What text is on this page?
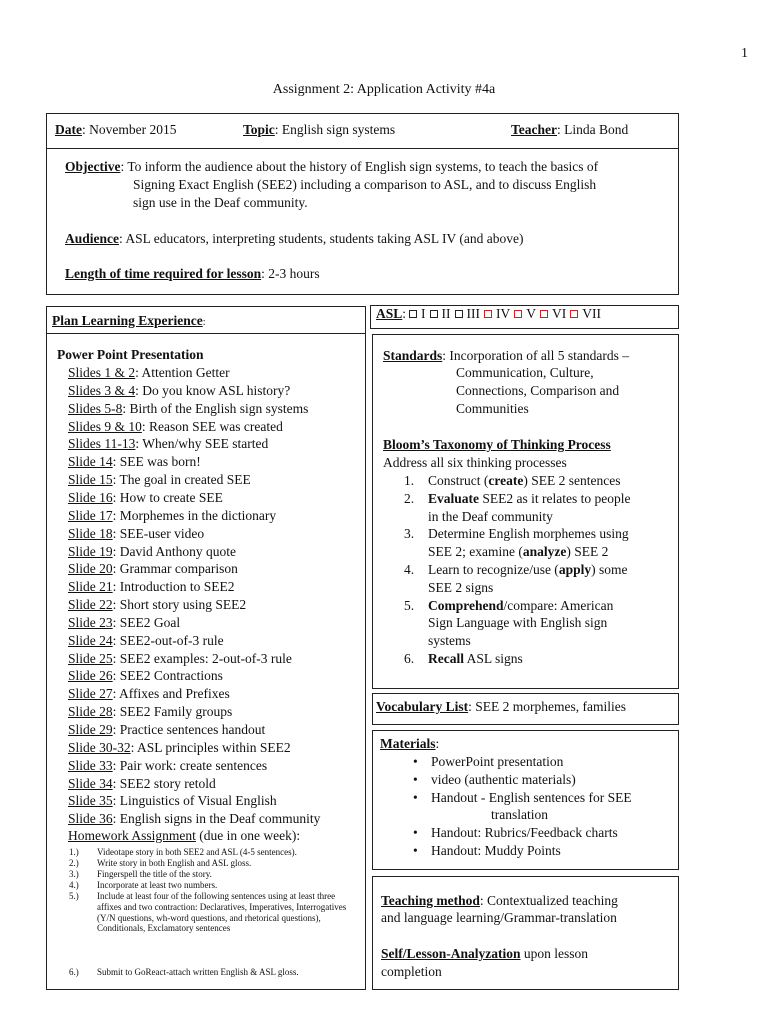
1
Assignment 2: Application Activity #4a
Date: November 2015	Topic: English sign systems	Teacher: Linda Bond
Objective: To inform the audience about the history of English sign systems, to teach the basics of
Signing Exact English (SEE2) including a comparison to ASL, and to discuss English
sign use in the Deaf community.
Audience: ASL educators, interpreting students, students taking ASL IV (and above)
Length of time required for lesson: 2-3 hours
Plan Learning Experience:
Power Point Presentation
Slides 1 & 2: Attention Getter
Slides 3 & 4: Do you know ASL history?
Slides 5-8: Birth of the English sign systems
Slides 9 & 10: Reason SEE was created
Slides 11-13: When/why SEE started
Slide 14: SEE was born!
Slide 15: The goal in created SEE
Slide 16: How to create SEE
Slide 17: Morphemes in the dictionary
Slide 18: SEE-user video
Slide 19: David Anthony quote
Slide 20: Grammar comparison
Slide 21: Introduction to SEE2
Slide 22: Short story using SEE2
Slide 23: SEE2 Goal
Slide 24: SEE2-out-of-3 rule
Slide 25: SEE2 examples: 2-out-of-3 rule
Slide 26: SEE2 Contractions
Slide 27: Affixes and Prefixes
Slide 28: SEE2 Family groups
Slide 29: Practice sentences handout
Slide 30-32: ASL principles within SEE2
Slide 33: Pair work: create sentences
Slide 34: SEE2 story retold
Slide 35: Linguistics of Visual English
Slide 36: English signs in the Deaf community
Homework Assignment (due in one week):
1.) Videotape story in both SEE2 and ASL (4-5 sentences).
2.) Write story in both English and ASL gloss.
3.) Fingerspell the title of the story.
4.) Incorporate at least two numbers.
5.) Include at least four of the following sentences using at least three affixes and two contraction: Declaratives, Imperatives, Interrogatives (Y/N questions, wh-word questions, and rhetorical questions), Conditionals, Exclamatory sentences
6.) Submit to GoReact-attach written English & ASL gloss.
ASL: I II III IV V VI VII
Standards: Incorporation of all 5 standards –
Communication, Culture,
Connections, Comparison and
Communities
Bloom’s Taxonomy of Thinking Process
Address all six thinking processes
1. Construct (create) SEE 2 sentences
2. Evaluate SEE2 as it relates to people
in the Deaf community
3. Determine English morphemes using
SEE 2; examine (analyze) SEE 2
4. Learn to recognize/use (apply) some
SEE 2 signs
5. Comprehend/compare: American
Sign Language with English sign
systems
6. Recall ASL signs
Vocabulary List: SEE 2 morphemes, families
Materials:
• PowerPoint presentation
• video (authentic materials)
• Handout - English sentences for SEE
translation
• Handout: Rubrics/Feedback charts
• Handout: Muddy Points
Teaching method: Contextualized teaching
and language learning/Grammar-translation
Self/Lesson-Analyzation upon lesson
completion
